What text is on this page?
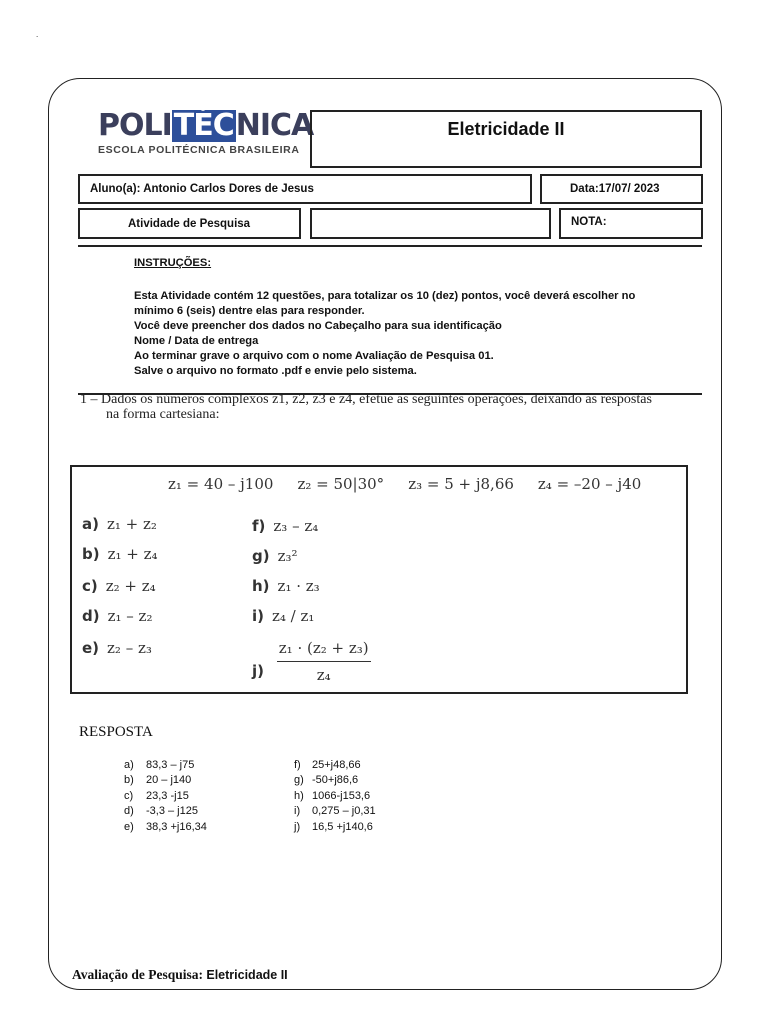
.
POLITÉCNICA
ESCOLA POLITÉCNICA BRASILEIRA
Eletricidade II
Aluno(a): Antonio Carlos Dores de Jesus	Data:17/07/ 2023
Atividade de Pesquisa	NOTA:
INSTRUÇÕES:
Esta Atividade contém 12 questões, para totalizar os 10 (dez) pontos, você deverá escolher no
mínimo 6 (seis) dentre elas para responder.
Você deve preencher dos dados no Cabeçalho para sua identificação
Nome / Data de entrega
Ao terminar grave o arquivo com o nome Avaliação de Pesquisa 01.
Salve o arquivo no formato .pdf e envie pelo sistema.
1 – Dados os números complexos z1, z2, z3 e z4, efetue as seguintes operações, deixando as respostas
na forma cartesiana:
z₁ = 40 – j100 z₂ = 50|30° z₃ = 5 + j8,66 z₄ = –20 – j40
a) z₁ + z₂
b) z₁ + z₄
c) z₂ + z₄
d) z₁ – z₂
e) z₂ – z₃
f) z₃ – z₄
g) z₃²
h) z₁ · z₃
i) z₄ / z₁
$j) \frac{\text{z₁ · (z₂ + z₃)}}{\text{z₄}}$
RESPOSTA
a) 83,3 – j75
b) 20 – j140
c) 23,3 -j15
d) -3,3 – j125
e) 38,3 +j16,34
f) 25+j48,66
g) -50+j86,6
h) 1066-j153,6
i) 0,275 – j0,31
j) 16,5 +j140,6
Avaliação de Pesquisa: Eletricidade II
